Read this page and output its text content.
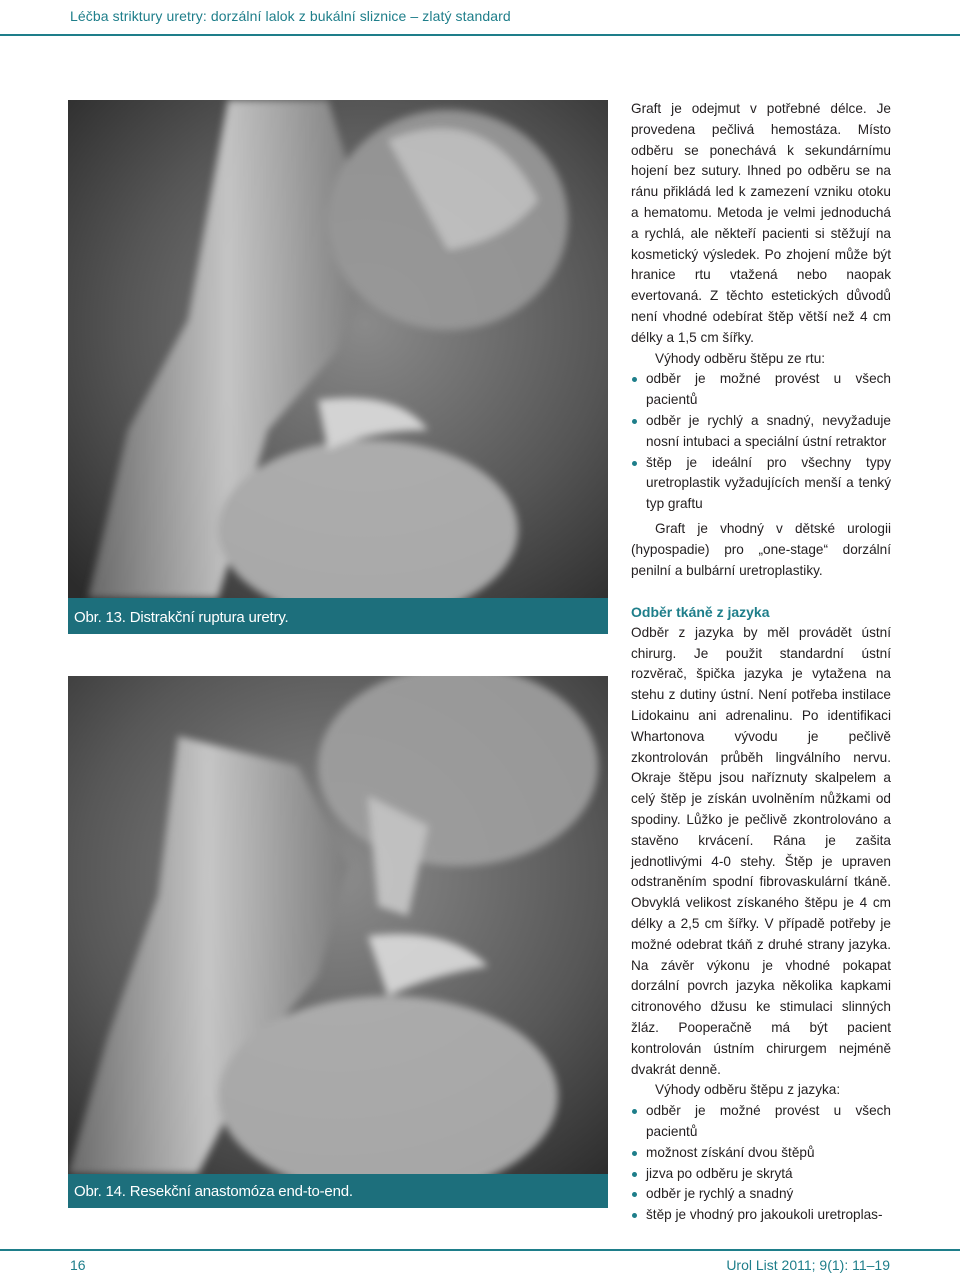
Léčba striktury uretry: dorzální lalok z bukální sliznice – zlatý standard
Obr. 13. Distrakční ruptura uretry.
Obr. 14. Resekční anastomóza end-to-end.

Graft je odejmut v potřebné délce. Je provedena pečlivá hemostáza. Místo odběru se ponechává k sekundárnímu hojení bez sutury. Ihned po odběru se na ránu přikládá led k zamezení vzniku otoku a hematomu. Metoda je velmi jednoduchá a rychlá, ale někteří pacienti si stěžují na kosmetický výsledek. Po zhojení může být hranice rtu vtažená nebo naopak evertovaná. Z těchto estetických důvodů není vhodné odebírat štěp větší než 4 cm délky a 1,5 cm šířky.

Výhody odběru štěpu ze rtu:

odběr je možné provést u všech pacientů
odběr je rychlý a snadný, nevyžaduje nosní intubaci a speciální ústní retraktor
štěp je ideální pro všechny typy uretroplastik vyžadujících menší a tenký typ graftu

Graft je vhodný v dětské urologii (hypospadie) pro „one-stage“ dorzální penilní a bulbární uretroplastiky.

Odběr tkáně z jazyka

Odběr z jazyka by měl provádět ústní chirurg. Je použit standardní ústní rozvěrač, špička jazyka je vytažena na stehu z dutiny ústní. Není potřeba instilace Lidokainu ani adrenalinu. Po identifikaci Whartonova vývodu je pečlivě zkontrolován průběh lingválního nervu. Okraje štěpu jsou naříznuty skalpelem a celý štěp je získán uvolněním nůžkami od spodiny. Lůžko je pečlivě zkontrolováno a stavěno krvácení. Rána je zašita jednotlivými 4-0 stehy. Štěp je upraven odstraněním spodní fibrovaskulární tkáně. Obvyklá velikost získaného štěpu je 4 cm délky a 2,5 cm šířky. V případě potřeby je možné odebrat tkáň z druhé strany jazyka. Na závěr výkonu je vhodné pokapat dorzální povrch jazyka několika kapkami citronového džusu ke stimulaci slinných žláz. Pooperačně má být pacient kontrolován ústním chirurgem nejméně dvakrát denně.

Výhody odběru štěpu z jazyka:

odběr je možné provést u všech pacientů
možnost získání dvou štěpů
jizva po odběru je skrytá
odběr je rychlý a snadný
štěp je vhodný pro jakoukoli uretroplas-
16	Urol List 2011; 9(1): 11–19
